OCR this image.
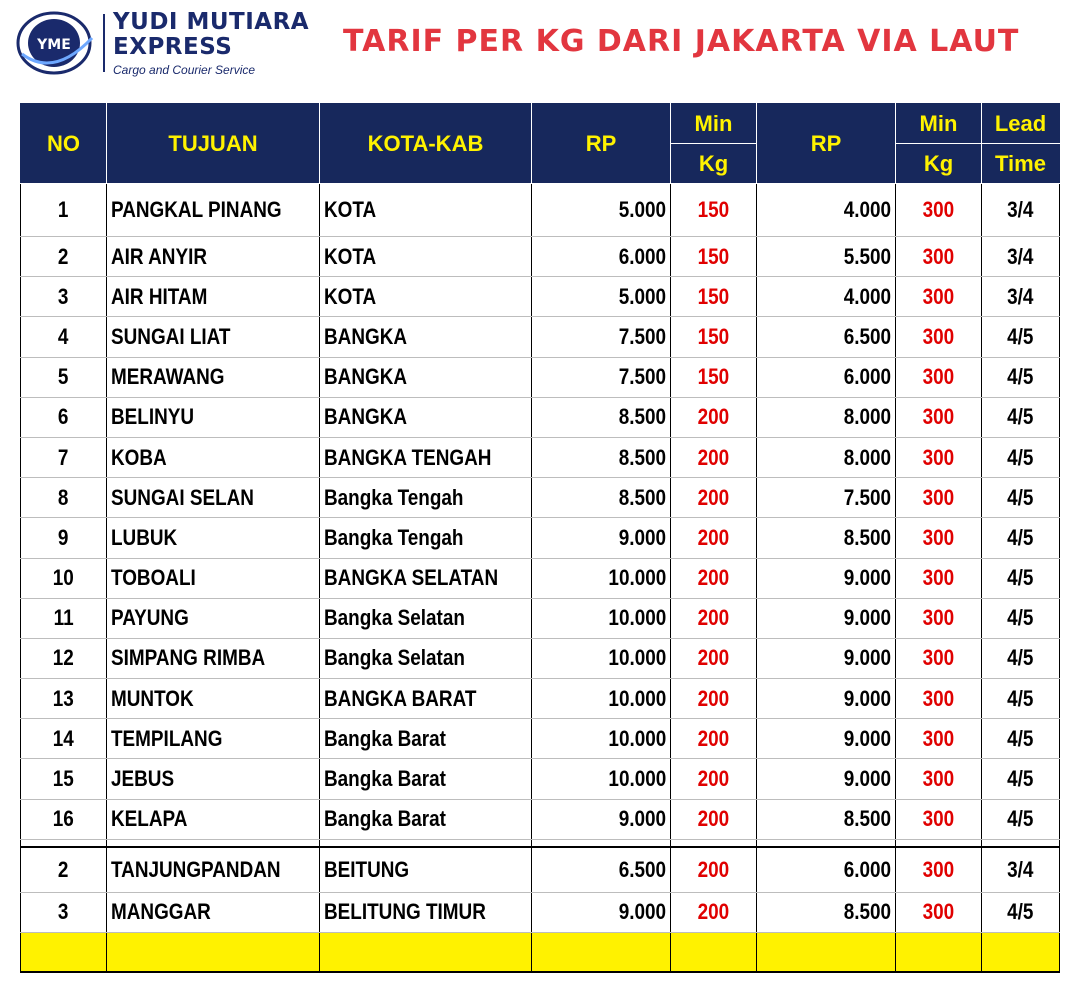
YME
YUDI MUTIARA
EXPRESS
Cargo and Courier Service
TARIF PER KG DARI JAKARTA VIA LAUT
NO	TUJUAN	KOTA-KAB	RP	Min	RP	Min	Lead
				Kg		Kg	Time
1	PANGKAL PINANG	KOTA	5.000	150	4.000	300	3/4
2	AIR ANYIR	KOTA	6.000	150	5.500	300	3/4
3	AIR HITAM	KOTA	5.000	150	4.000	300	3/4
4	SUNGAI LIAT	BANGKA	7.500	150	6.500	300	4/5
5	MERAWANG	BANGKA	7.500	150	6.000	300	4/5
6	BELINYU	BANGKA	8.500	200	8.000	300	4/5
7	KOBA	BANGKA TENGAH	8.500	200	8.000	300	4/5
8	SUNGAI SELAN	Bangka Tengah	8.500	200	7.500	300	4/5
9	LUBUK	Bangka Tengah	9.000	200	8.500	300	4/5
10	TOBOALI	BANGKA SELATAN	10.000	200	9.000	300	4/5
11	PAYUNG	Bangka Selatan	10.000	200	9.000	300	4/5
12	SIMPANG RIMBA	Bangka Selatan	10.000	200	9.000	300	4/5
13	MUNTOK	BANGKA BARAT	10.000	200	9.000	300	4/5
14	TEMPILANG	Bangka Barat	10.000	200	9.000	300	4/5
15	JEBUS	Bangka Barat	10.000	200	9.000	300	4/5
16	KELAPA	Bangka Barat	9.000	200	8.500	300	4/5

2	TANJUNGPANDAN	BEITUNG	6.500	200	6.000	300	3/4
3	MANGGAR	BELITUNG TIMUR	9.000	200	8.500	300	4/5
